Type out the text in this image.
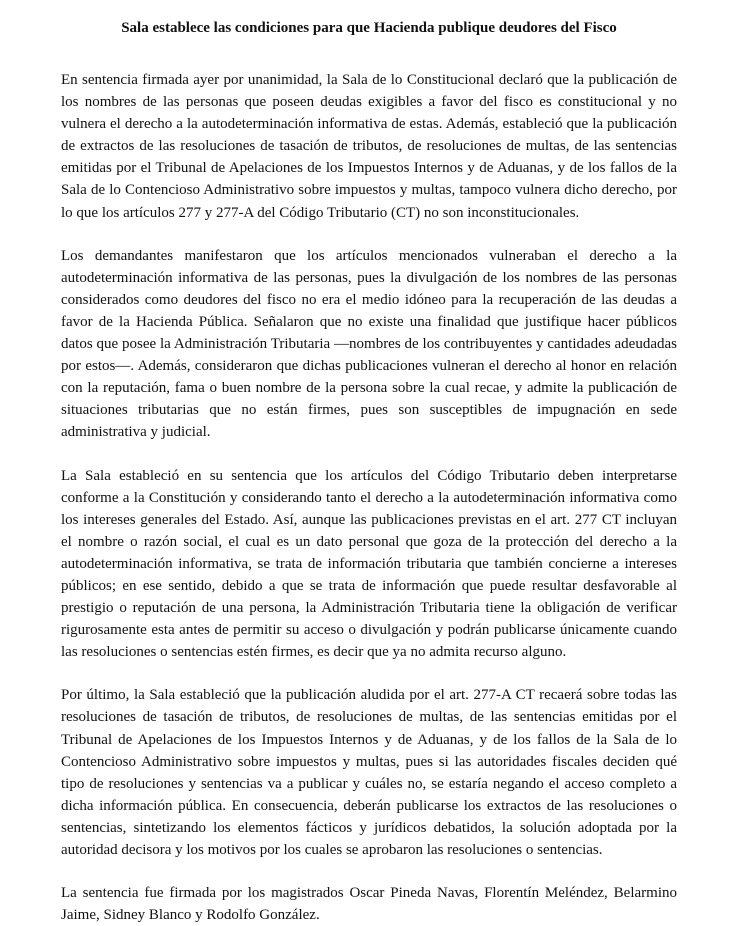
Sala establece las condiciones para que Hacienda publique deudores del Fisco

En sentencia firmada ayer por unanimidad, la Sala de lo Constitucional declaró que la publicación de los nombres de las personas que poseen deudas exigibles a favor del fisco es constitucional y no vulnera el derecho a la autodeterminación informativa de estas. Además, estableció que la publicación de extractos de las resoluciones de tasación de tributos, de resoluciones de multas, de las sentencias emitidas por el Tribunal de Apelaciones de los Impuestos Internos y de Aduanas, y de los fallos de la Sala de lo Contencioso Administrativo sobre impuestos y multas, tampoco vulnera dicho derecho, por lo que los artículos 277 y 277-A del Código Tributario (CT) no son inconstitucionales.

Los demandantes manifestaron que los artículos mencionados vulneraban el derecho a la autodeterminación informativa de las personas, pues la divulgación de los nombres de las personas considerados como deudores del fisco no era el medio idóneo para la recuperación de las deudas a favor de la Hacienda Pública. Señalaron que no existe una finalidad que justifique hacer públicos datos que posee la Administración Tributaria —nombres de los contribuyentes y cantidades adeudadas por estos—. Además, consideraron que dichas publicaciones vulneran el derecho al honor en relación con la reputación, fama o buen nombre de la persona sobre la cual recae, y admite la publicación de situaciones tributarias que no están firmes, pues son susceptibles de impugnación en sede administrativa y judicial.

La Sala estableció en su sentencia que los artículos del Código Tributario deben interpretarse conforme a la Constitución y considerando tanto el derecho a la autodeterminación informativa como los intereses generales del Estado. Así, aunque las publicaciones previstas en el art. 277 CT incluyan el nombre o razón social, el cual es un dato personal que goza de la protección del derecho a la autodeterminación informativa, se trata de información tributaria que también concierne a intereses públicos; en ese sentido, debido a que se trata de información que puede resultar desfavorable al prestigio o reputación de una persona, la Administración Tributaria tiene la obligación de verificar rigurosamente esta antes de permitir su acceso o divulgación y podrán publicarse únicamente cuando las resoluciones o sentencias estén firmes, es decir que ya no admita recurso alguno.

Por último, la Sala estableció que la publicación aludida por el art. 277-A CT recaerá sobre todas las resoluciones de tasación de tributos, de resoluciones de multas, de las sentencias emitidas por el Tribunal de Apelaciones de los Impuestos Internos y de Aduanas, y de los fallos de la Sala de lo Contencioso Administrativo sobre impuestos y multas, pues si las autoridades fiscales deciden qué tipo de resoluciones y sentencias va a publicar y cuáles no, se estaría negando el acceso completo a dicha información pública. En consecuencia, deberán publicarse los extractos de las resoluciones o sentencias, sintetizando los elementos fácticos y jurídicos debatidos, la solución adoptada por la autoridad decisora y los motivos por los cuales se aprobaron las resoluciones o sentencias.

La sentencia fue firmada por los magistrados Oscar Pineda Navas, Florentín Meléndez, Belarmino Jaime, Sidney Blanco y Rodolfo González.
